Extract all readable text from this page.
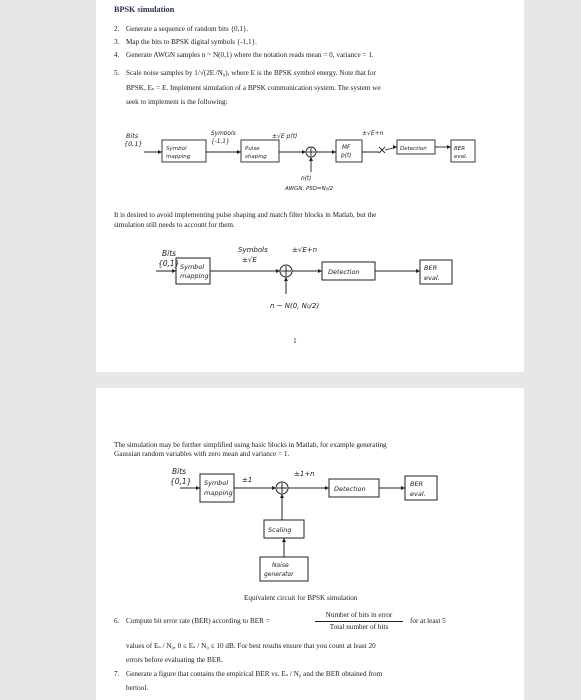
BPSK simulation
2. Generate a sequence of random bits {0,1}.
3. Map the bits to BPSK digital symbols {-1,1}.
4. Generate AWGN samples n ~ N(0,1) where the notation reads mean = 0, variance = 1.
5. Scale noise samples by 1/√(2E /N₀), where E is the BPSK symbol energy. Note that for
BPSK, Eₛ = E. Implement simulation of a BPSK communication system. The system we
seek to implement is the following:
Bits
{0,1}
Symbols
{-1,1}
Symbol
mapping
Pulse
shaping
±√E p(t)
MF
p(t)
±√E+n
Detection	BER
eval.
n(t)
AWGN, PSD=N₀/2
It is desired to avoid implementing pulse shaping and match filter blocks in Matlab, but the
simulation still needs to account for them.
Bits
{0,1}
Symbols
±√E
Symbol
mapping
±√E+n
Detection	BER
eval.
n ~ N(0, N₀/2)
1
The simulation may be further simplified using basic blocks in Matlab, for example generating
Gaussian random variables with zero mean and variance = 1.
Bits
{0,1} Symbol
mapping
±1
±1+n
Detection
BER
eval.
Scaling
Noise
generator
Equivalent circuit for BPSK simulation
6. Compute bit error rate (BER) according to BER =
Number of bits in error
Total number of bits
for at least 5
values of Eₛ / N₀, 0 ≤ Eₛ / N₀ ≤ 10 dB. For best results ensure that you count at least 20
errors before evaluating the BER.
7. Generate a figure that contains the empirical BER vs. Eₛ / N₀ and the BER obtained from
bertool.
